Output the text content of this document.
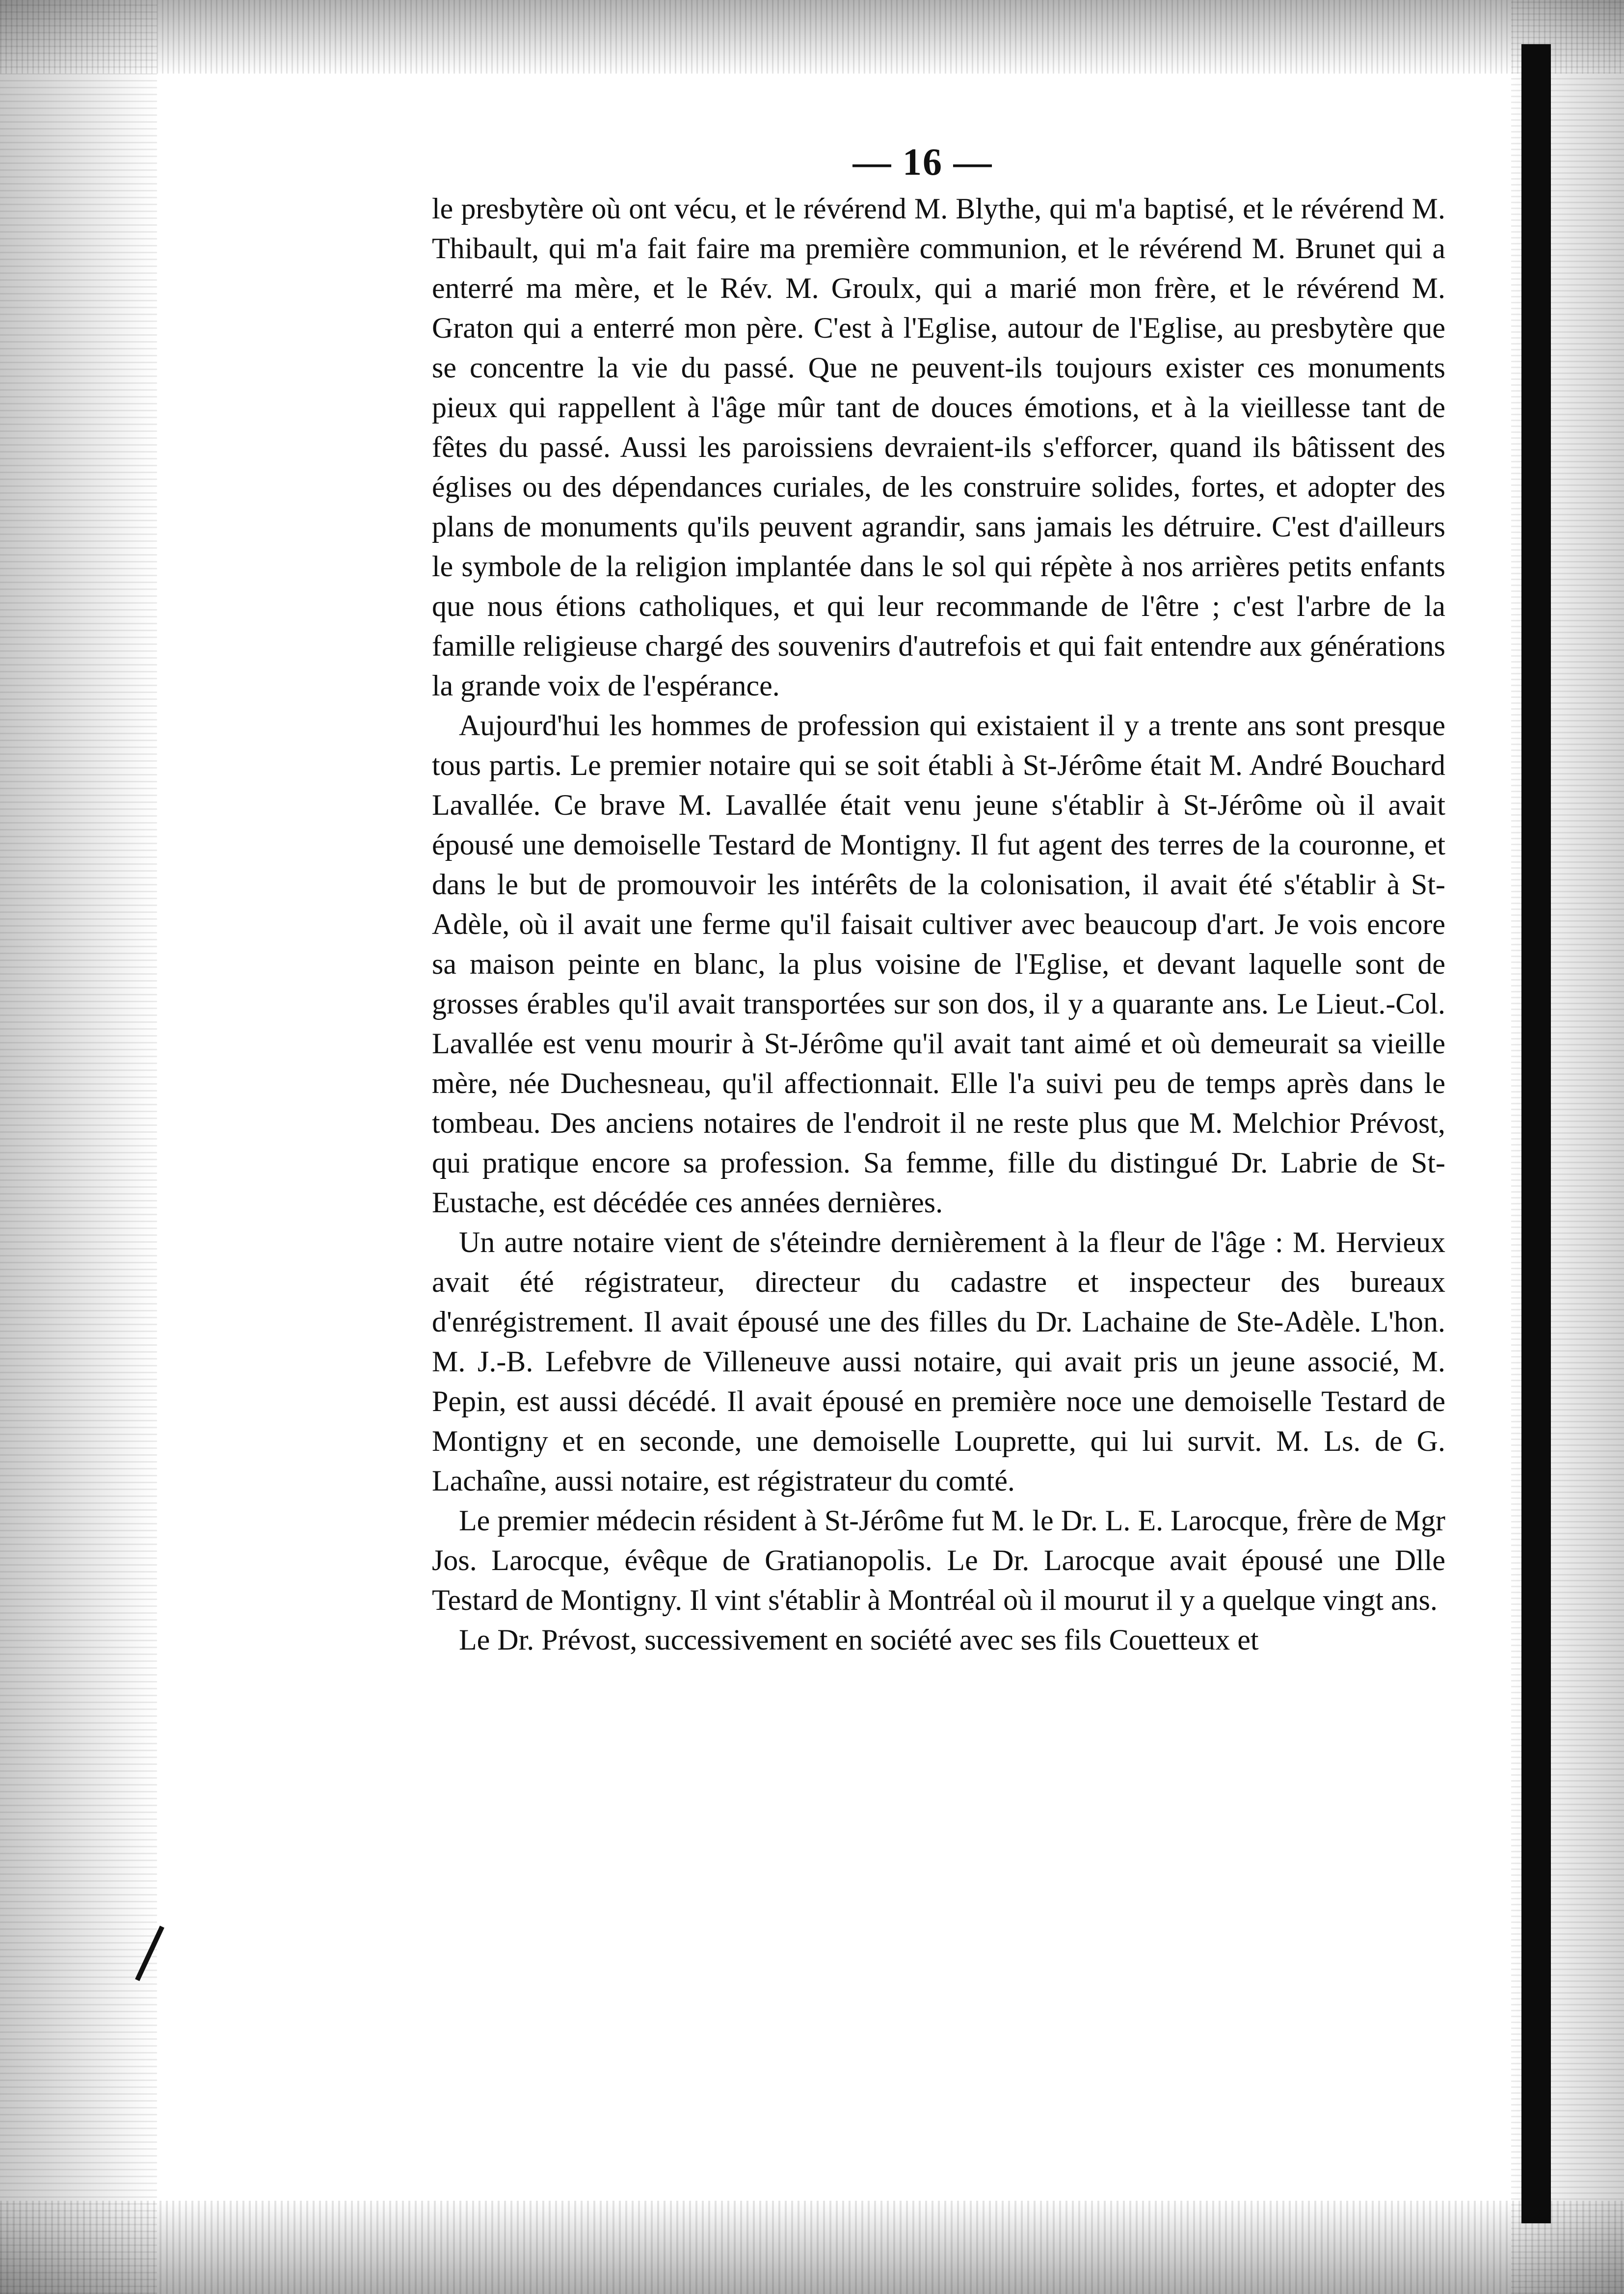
— 16 —

le presbytère où ont vécu, et le révérend M. Blythe, qui m'a baptisé, et le révérend M. Thibault, qui m'a fait faire ma première communion, et le révérend M. Brunet qui a enterré ma mère, et le Rév. M. Groulx, qui a marié mon frère, et le révérend M. Graton qui a enterré mon père. C'est à l'Eglise, autour de l'Eglise, au presbytère que se concentre la vie du passé. Que ne peuvent-ils toujours exister ces monuments pieux qui rappellent à l'âge mûr tant de douces émotions, et à la vieillesse tant de fêtes du passé. Aussi les paroissiens devraient-ils s'efforcer, quand ils bâtissent des églises ou des dépendances curiales, de les construire solides, fortes, et adopter des plans de monuments qu'ils peuvent agrandir, sans jamais les détruire. C'est d'ailleurs le symbole de la religion implantée dans le sol qui répète à nos arrières petits enfants que nous étions catholiques, et qui leur recommande de l'être ; c'est l'arbre de la famille religieuse chargé des souvenirs d'autrefois et qui fait entendre aux générations la grande voix de l'espérance.

Aujourd'hui les hommes de profession qui existaient il y a trente ans sont presque tous partis. Le premier notaire qui se soit établi à St-Jérôme était M. André Bouchard Lavallée. Ce brave M. Lavallée était venu jeune s'établir à St-Jérôme où il avait épousé une demoiselle Testard de Montigny. Il fut agent des terres de la couronne, et dans le but de promouvoir les intérêts de la colonisation, il avait été s'établir à St-Adèle, où il avait une ferme qu'il faisait cultiver avec beaucoup d'art. Je vois encore sa maison peinte en blanc, la plus voisine de l'Eglise, et devant laquelle sont de grosses érables qu'il avait transportées sur son dos, il y a quarante ans. Le Lieut.-Col. Lavallée est venu mourir à St-Jérôme qu'il avait tant aimé et où demeurait sa vieille mère, née Duchesneau, qu'il affectionnait. Elle l'a suivi peu de temps après dans le tombeau. Des anciens notaires de l'endroit il ne reste plus que M. Melchior Prévost, qui pratique encore sa profession. Sa femme, fille du distingué Dr. Labrie de St-Eustache, est décédée ces années dernières.

Un autre notaire vient de s'éteindre dernièrement à la fleur de l'âge : M. Hervieux avait été régistrateur, directeur du cadastre et inspecteur des bureaux d'enrégistrement. Il avait épousé une des filles du Dr. Lachaine de Ste-Adèle. L'hon. M. J.-B. Lefebvre de Villeneuve aussi notaire, qui avait pris un jeune associé, M. Pepin, est aussi décédé. Il avait épousé en première noce une demoiselle Testard de Montigny et en seconde, une demoiselle Louprette, qui lui survit. M. Ls. de G. Lachaîne, aussi notaire, est régistrateur du comté.

Le premier médecin résident à St-Jérôme fut M. le Dr. L. E. Larocque, frère de Mgr Jos. Larocque, évêque de Gratianopolis. Le Dr. Larocque avait épousé une Dlle Testard de Montigny. Il vint s'établir à Montréal où il mourut il y a quelque vingt ans.

Le Dr. Prévost, successivement en société avec ses fils Couetteux et
